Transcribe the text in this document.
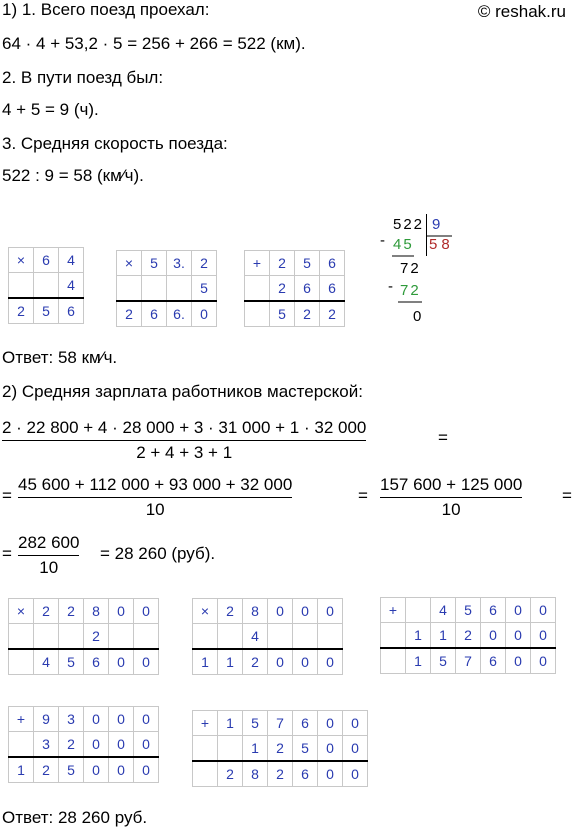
1) 1. Всего поезд проехал:	© reshak.ru
64 · 4 + 53,2 · 5 = 256 + 266 = 522 (км).
2. В пути поезд был:
4 + 5 = 9 (ч).
3. Средняя скорость поезда:
522 : 9 = 58 (км⁄ч).
×	6	4
		4
2	5	6
×	5	3.	2
			5
2	6	6.	0
+	2	5	6
	2	6	6
	5	2	2
-
522 9
45 58
72
- 72
0
Ответ: 58 км⁄ч.
2) Средняя зарплата работников мастерской:
2 · 22 800 + 4 · 28 000 + 3 · 31 000 + 1 · 32 000
2 + 4 + 3 + 1
=
=
45 600 + 112 000 + 93 000 + 32 000
10
=
157 600 + 125 000
10
=
=
282 600
10
= 28 260 (руб).
×	2	2	8	0	0
			2		
	4	5	6	0	0
×	2	8	0	0	0
		4			
1	1	2	0	0	0
+		4	5	6	0	0
	1	1	2	0	0	0
	1	5	7	6	0	0
+	9	3	0	0	0
	3	2	0	0	0
1	2	5	0	0	0
+	1	5	7	6	0	0
		1	2	5	0	0
	2	8	2	6	0	0
Ответ: 28 260 руб.
